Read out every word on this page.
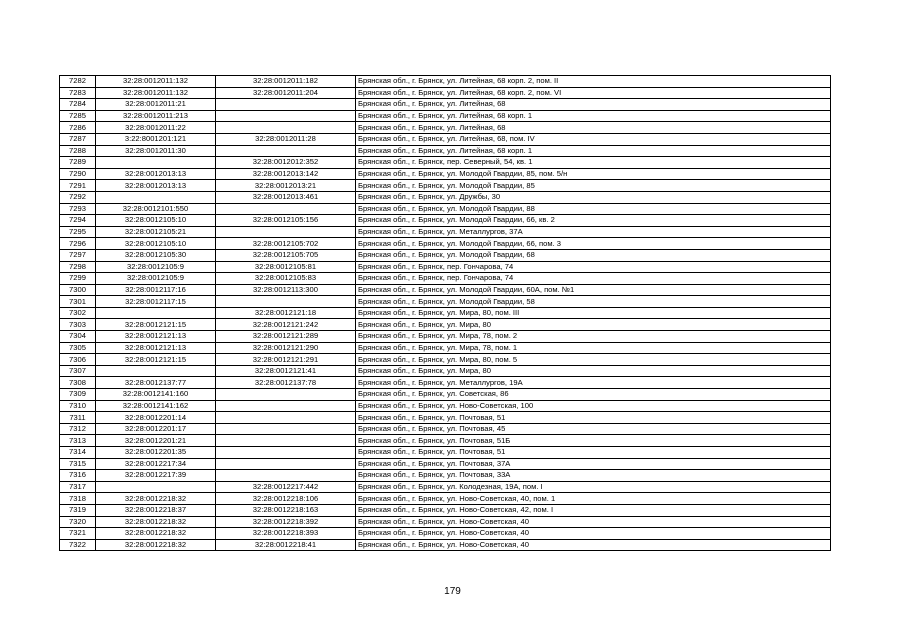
7282	32:28:0012011:132	32:28:0012011:182	Брянская обл., г. Брянск, ул. Литейная, 68 корп. 2, пом. II
7283	32:28:0012011:132	32:28:0012011:204	Брянская обл., г. Брянск, ул. Литейная, 68 корп. 2, пом. VI
7284	32:28:0012011:21		Брянская обл., г. Брянск, ул. Литейная, 68
7285	32:28:0012011:213		Брянская обл., г. Брянск, ул. Литейная, 68 корп. 1
7286	32:28:0012011:22		Брянская обл., г. Брянск, ул. Литейная, 68
7287	3:22:8001201:121	32:28:0012011:28	Брянская обл., г. Брянск, ул. Литейная, 68, пом. IV
7288	32:28:0012011:30		Брянская обл., г. Брянск, ул. Литейная, 68 корп. 1
7289		32:28:0012012:352	Брянская обл., г. Брянск, пер. Северный, 54, кв. 1
7290	32:28:0012013:13	32:28:0012013:142	Брянская обл., г. Брянск, ул. Молодой Гвардии, 85, пом. 5/н
7291	32:28:0012013:13	32:28:0012013:21	Брянская обл., г. Брянск, ул. Молодой Гвардии, 85
7292		32:28:0012013:461	Брянская обл., г. Брянск, ул. Дружбы, 30
7293	32:28:0012101:550		Брянская обл., г. Брянск, ул. Молодой Гвардии, 88
7294	32:28:0012105:10	32:28:0012105:156	Брянская обл., г. Брянск, ул. Молодой Гвардии, 66, кв. 2
7295	32:28:0012105:21		Брянская обл., г. Брянск, ул. Металлургов, 37А
7296	32:28:0012105:10	32:28:0012105:702	Брянская обл., г. Брянск, ул. Молодой Гвардии, 66, пом. 3
7297	32:28:0012105:30	32:28:0012105:705	Брянская обл., г. Брянск, ул. Молодой Гвардии, 68
7298	32:28:0012105:9	32:28:0012105:81	Брянская обл., г. Брянск, пер. Гончарова, 74
7299	32:28:0012105:9	32:28:0012105:83	Брянская обл., г. Брянск, пер. Гончарова, 74
7300	32:28:0012117:16	32:28:0012113:300	Брянская обл., г. Брянск, ул. Молодой Гвардии, 60А, пом. №1
7301	32:28:0012117:15		Брянская обл., г. Брянск, ул. Молодой Гвардии, 58
7302		32:28:0012121:18	Брянская обл., г. Брянск, ул. Мира, 80, пом. III
7303	32:28:0012121:15	32:28:0012121:242	Брянская обл., г. Брянск, ул. Мира, 80
7304	32:28:0012121:13	32:28:0012121:289	Брянская обл., г. Брянск, ул. Мира, 78, пом. 2
7305	32:28:0012121:13	32:28:0012121:290	Брянская обл., г. Брянск, ул. Мира, 78, пом. 1
7306	32:28:0012121:15	32:28:0012121:291	Брянская обл., г. Брянск, ул. Мира, 80, пом. 5
7307		32:28:0012121:41	Брянская обл., г. Брянск, ул. Мира, 80
7308	32:28:0012137:77	32:28:0012137:78	Брянская обл., г. Брянск, ул. Металлургов, 19А
7309	32:28:0012141:160		Брянская обл., г. Брянск, ул. Советская, 86
7310	32:28:0012141:162		Брянская обл., г. Брянск, ул. Ново-Советская, 100
7311	32:28:0012201:14		Брянская обл., г. Брянск, ул. Почтовая, 51
7312	32:28:0012201:17		Брянская обл., г. Брянск, ул. Почтовая, 45
7313	32:28:0012201:21		Брянская обл., г. Брянск, ул. Почтовая, 51Б
7314	32:28:0012201:35		Брянская обл., г. Брянск, ул. Почтовая, 51
7315	32:28:0012217:34		Брянская обл., г. Брянск, ул. Почтовая, 37А
7316	32:28:0012217:39		Брянская обл., г. Брянск, ул. Почтовая, 33А
7317		32:28:0012217:442	Брянская обл., г. Брянск, ул. Колодезная, 19А, пом. I
7318	32:28:0012218:32	32:28:0012218:106	Брянская обл., г. Брянск, ул. Ново-Советская, 40, пом. 1
7319	32:28:0012218:37	32:28:0012218:163	Брянская обл., г. Брянск, ул. Ново-Советская, 42, пом. I
7320	32:28:0012218:32	32:28:0012218:392	Брянская обл., г. Брянск, ул. Ново-Советская, 40
7321	32:28:0012218:32	32:28:0012218:393	Брянская обл., г. Брянск, ул. Ново-Советская, 40
7322	32:28:0012218:32	32:28:0012218:41	Брянская обл., г. Брянск, ул. Ново-Советская, 40
179
